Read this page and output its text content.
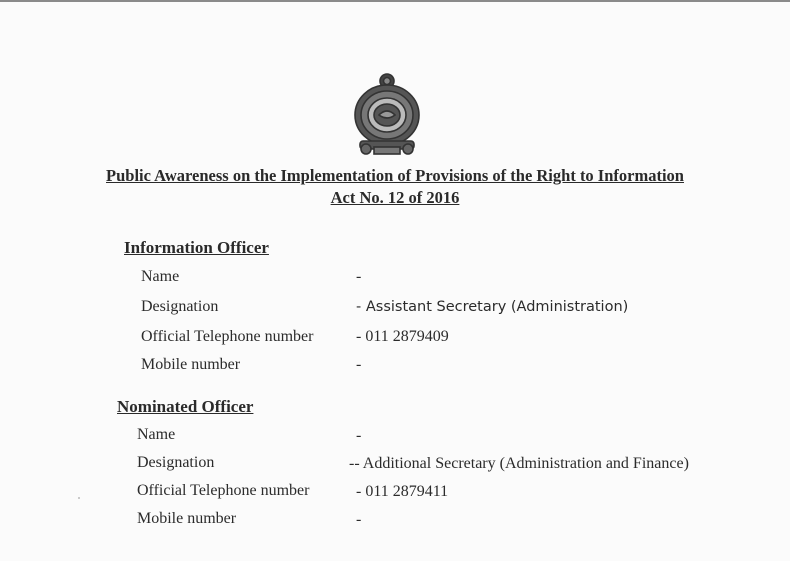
Public Awareness on the Implementation of Provisions of the Right to Information
Act No. 12 of 2016
Information Officer
Name	-
Designation	- Assistant Secretary (Administration)
Official Telephone number	- 011 2879409
Mobile number	-
Nominated Officer
Name	-
Designation	-- Additional Secretary (Administration and Finance)
Official Telephone number	- 011 2879411
Mobile number	-
